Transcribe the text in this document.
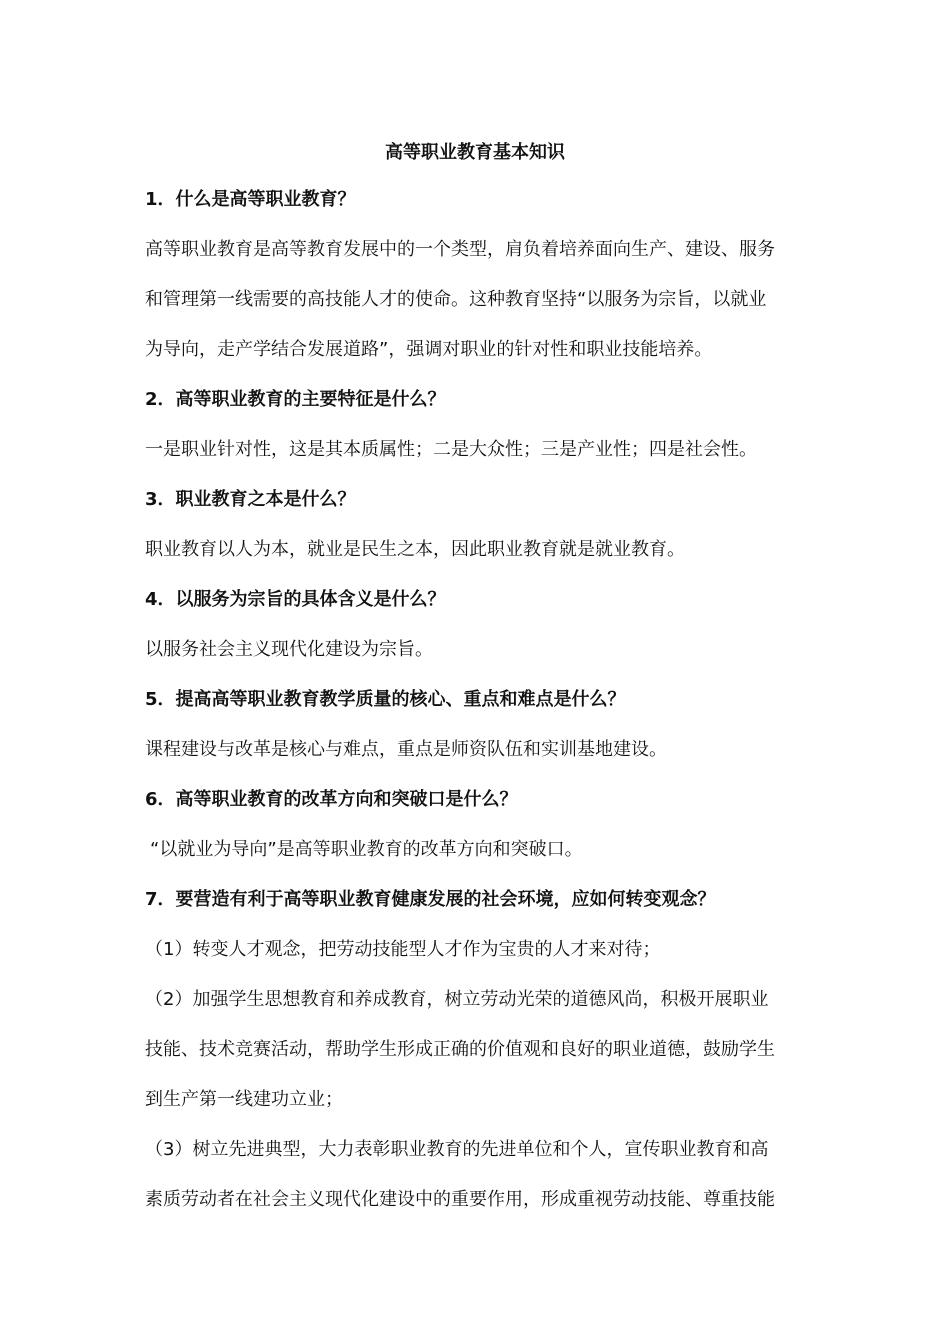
高等职业教育基本知识
1．什么是高等职业教育？
高等职业教育是高等教育发展中的一个类型，肩负着培养面向生产、建设、服务
和管理第一线需要的高技能人才的使命。这种教育坚持“以服务为宗旨，以就业
为导向，走产学结合发展道路”，强调对职业的针对性和职业技能培养。
2．高等职业教育的主要特征是什么？
一是职业针对性，这是其本质属性；二是大众性；三是产业性；四是社会性。
3．职业教育之本是什么？
职业教育以人为本，就业是民生之本，因此职业教育就是就业教育。
4．以服务为宗旨的具体含义是什么？
以服务社会主义现代化建设为宗旨。
5．提高高等职业教育教学质量的核心、重点和难点是什么？
课程建设与改革是核心与难点，重点是师资队伍和实训基地建设。
6．高等职业教育的改革方向和突破口是什么？
“以就业为导向”是高等职业教育的改革方向和突破口。
7．要营造有利于高等职业教育健康发展的社会环境，应如何转变观念？
（1）转变人才观念，把劳动技能型人才作为宝贵的人才来对待；
（2）加强学生思想教育和养成教育，树立劳动光荣的道德风尚，积极开展职业
技能、技术竞赛活动，帮助学生形成正确的价值观和良好的职业道德，鼓励学生
到生产第一线建功立业；
（3）树立先进典型，大力表彰职业教育的先进单位和个人，宣传职业教育和高
素质劳动者在社会主义现代化建设中的重要作用，形成重视劳动技能、尊重技能
